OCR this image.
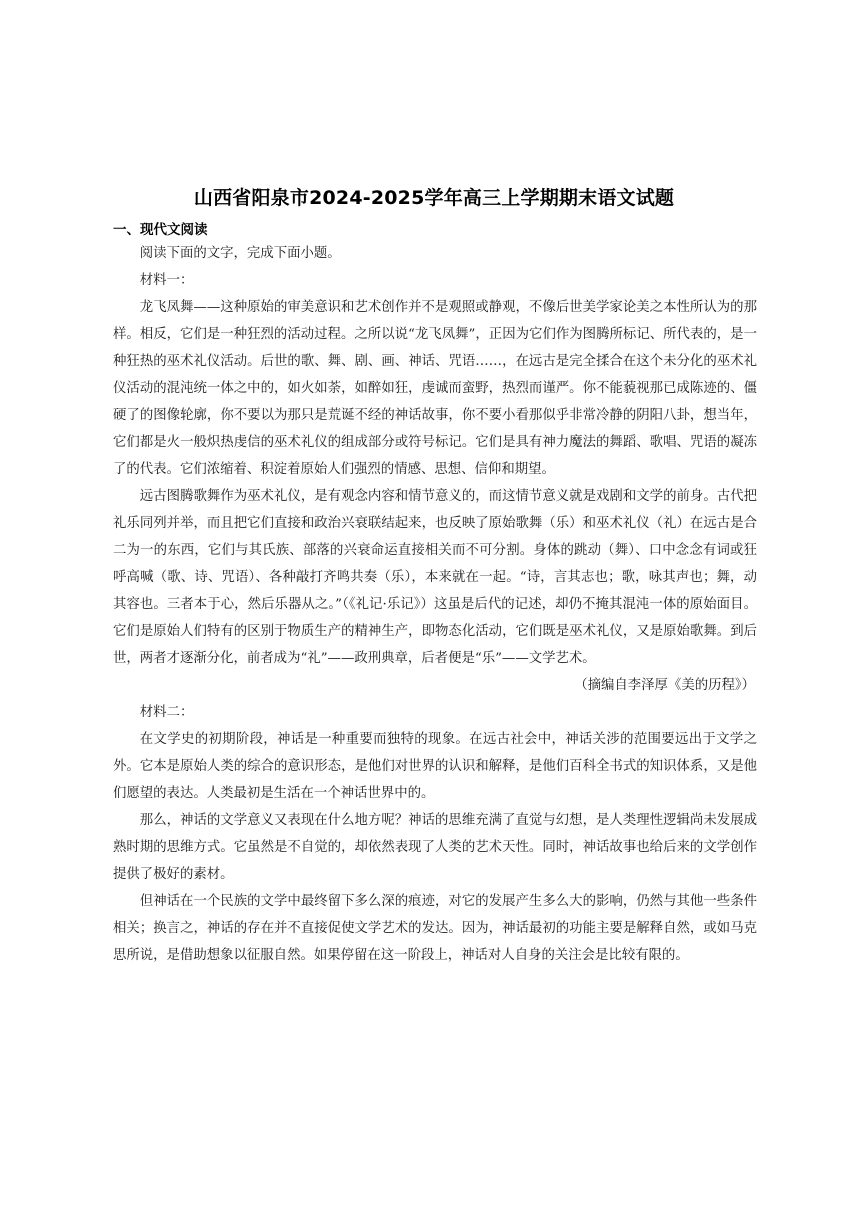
山西省阳泉市2024-2025学年高三上学期期末语文试题
一、现代文阅读

阅读下面的文字，完成下面小题。

材料一：

龙飞凤舞——这种原始的审美意识和艺术创作并不是观照或静观，不像后世美学家论美之本性所认为的那样。相反，它们是一种狂烈的活动过程。之所以说“龙飞凤舞”，正因为它们作为图腾所标记、所代表的，是一种狂热的巫术礼仪活动。后世的歌、舞、剧、画、神话、咒语……，在远古是完全揉合在这个未分化的巫术礼仪活动的混沌统一体之中的，如火如荼，如醉如狂，虔诚而蛮野，热烈而谨严。你不能藐视那已成陈迹的、僵硬了的图像轮廓，你不要以为那只是荒诞不经的神话故事，你不要小看那似乎非常冷静的阴阳八卦，想当年，它们都是火一般炽热虔信的巫术礼仪的组成部分或符号标记。它们是具有神力魔法的舞蹈、歌唱、咒语的凝冻了的代表。它们浓缩着、积淀着原始人们强烈的情感、思想、信仰和期望。

远古图腾歌舞作为巫术礼仪，是有观念内容和情节意义的，而这情节意义就是戏剧和文学的前身。古代把礼乐同列并举，而且把它们直接和政治兴衰联结起来，也反映了原始歌舞（乐）和巫术礼仪（礼）在远古是合二为一的东西，它们与其氏族、部落的兴衰命运直接相关而不可分割。身体的跳动（舞）、口中念念有词或狂呼高喊（歌、诗、咒语）、各种敲打齐鸣共奏（乐），本来就在一起。“诗，言其志也；歌，咏其声也；舞，动其容也。三者本于心，然后乐器从之。”（《礼记·乐记》）这虽是后代的记述，却仍不掩其混沌一体的原始面目。它们是原始人们特有的区别于物质生产的精神生产，即物态化活动，它们既是巫术礼仪，又是原始歌舞。到后世，两者才逐渐分化，前者成为“礼”——政刑典章，后者便是“乐”——文学艺术。

（摘编自李泽厚《美的历程》）

材料二：

在文学史的初期阶段，神话是一种重要而独特的现象。在远古社会中，神话关涉的范围要远出于文学之外。它本是原始人类的综合的意识形态，是他们对世界的认识和解释，是他们百科全书式的知识体系，又是他们愿望的表达。人类最初是生活在一个神话世界中的。

那么，神话的文学意义又表现在什么地方呢？神话的思维充满了直觉与幻想，是人类理性逻辑尚未发展成熟时期的思维方式。它虽然是不自觉的，却依然表现了人类的艺术天性。同时，神话故事也给后来的文学创作提供了极好的素材。

但神话在一个民族的文学中最终留下多么深的痕迹，对它的发展产生多么大的影响，仍然与其他一些条件相关；换言之，神话的存在并不直接促使文学艺术的发达。因为，神话最初的功能主要是解释自然，或如马克思所说，是借助想象以征服自然。如果停留在这一阶段上，神话对人自身的关注会是比较有限的。
